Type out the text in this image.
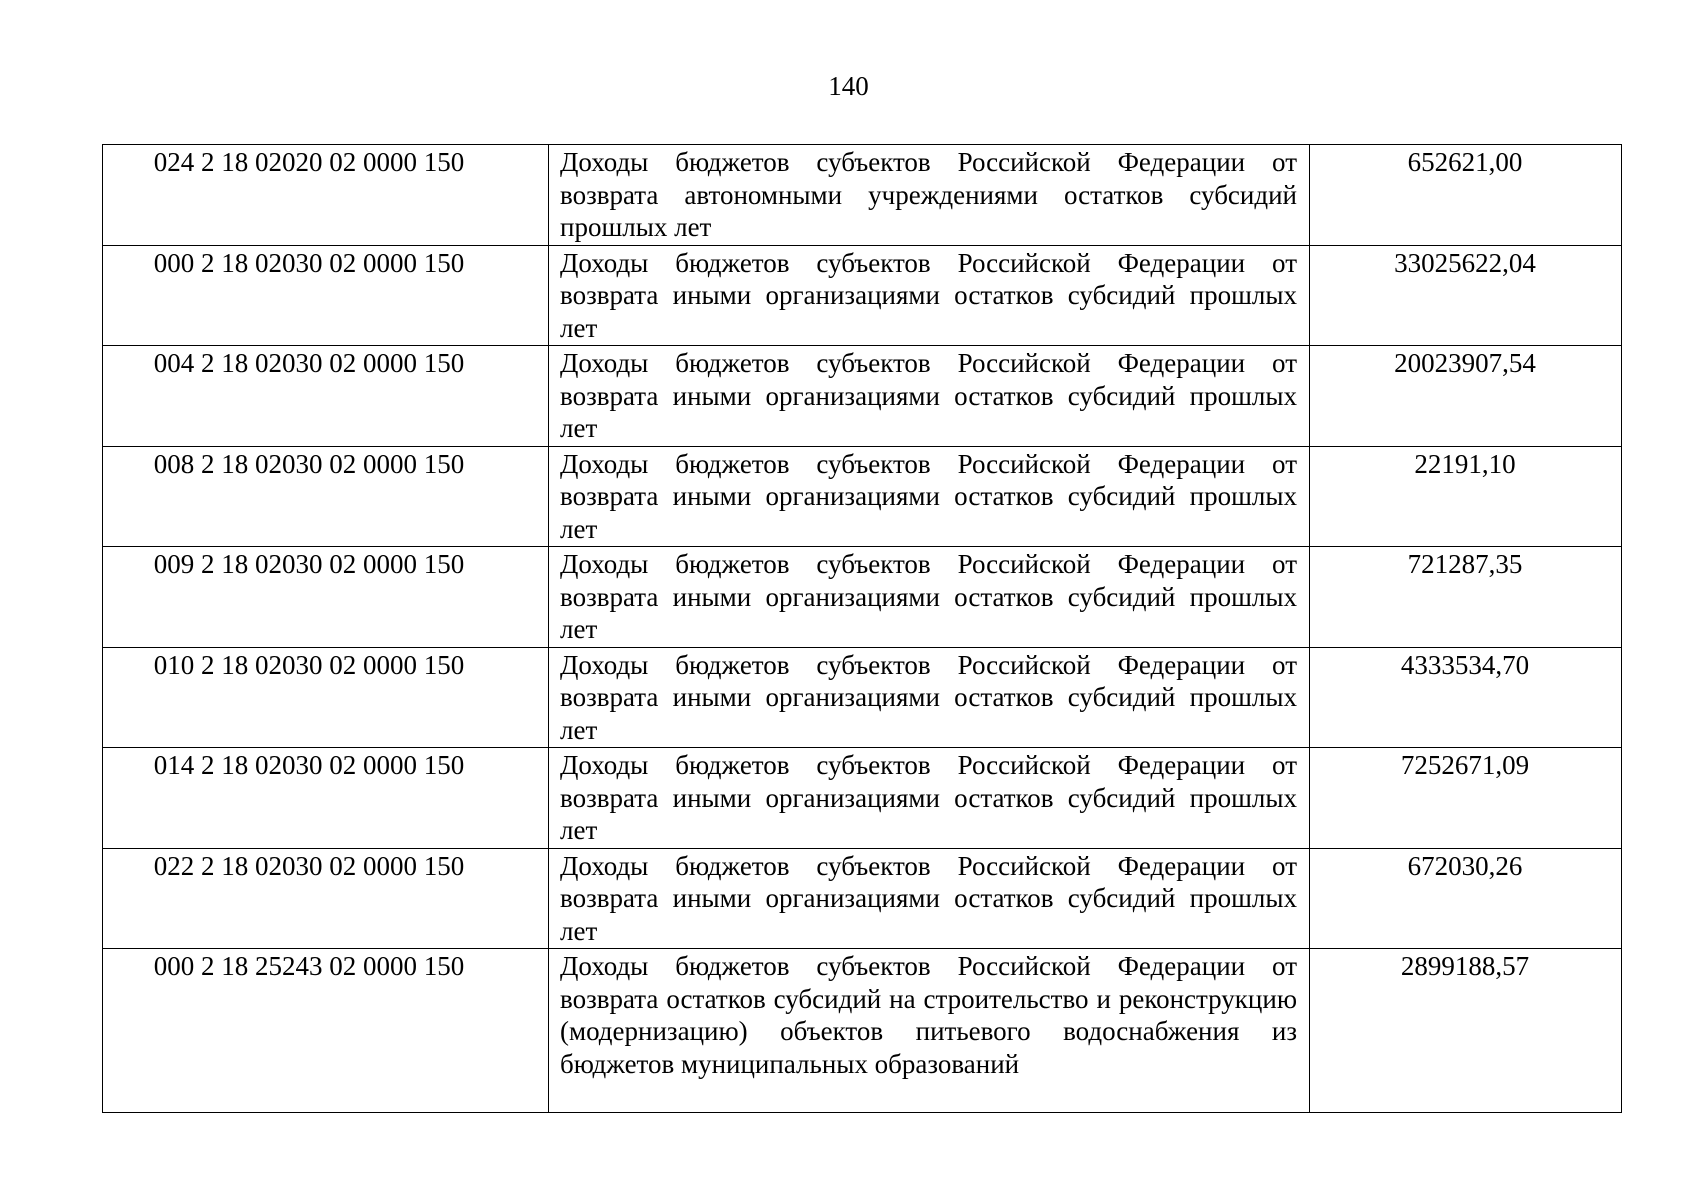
140
024 2 18 02020 02 0000 150	Доходы бюджетов субъектов Российской Федерации от возврата автономными учреждениями остатков субсидий прошлых лет	652621,00
000 2 18 02030 02 0000 150	Доходы бюджетов субъектов Российской Федерации от возврата иными организациями остатков субсидий прошлых лет	33025622,04
004 2 18 02030 02 0000 150	Доходы бюджетов субъектов Российской Федерации от возврата иными организациями остатков субсидий прошлых лет	20023907,54
008 2 18 02030 02 0000 150	Доходы бюджетов субъектов Российской Федерации от возврата иными организациями остатков субсидий прошлых лет	22191,10
009 2 18 02030 02 0000 150	Доходы бюджетов субъектов Российской Федерации от возврата иными организациями остатков субсидий прошлых лет	721287,35
010 2 18 02030 02 0000 150	Доходы бюджетов субъектов Российской Федерации от возврата иными организациями остатков субсидий прошлых лет	4333534,70
014 2 18 02030 02 0000 150	Доходы бюджетов субъектов Российской Федерации от возврата иными организациями остатков субсидий прошлых лет	7252671,09
022 2 18 02030 02 0000 150	Доходы бюджетов субъектов Российской Федерации от возврата иными организациями остатков субсидий прошлых лет	672030,26
000 2 18 25243 02 0000 150	Доходы бюджетов субъектов Российской Федерации от возврата остатков субсидий на строительство и реконструкцию (модернизацию) объектов питьевого водоснабжения из бюджетов муниципальных образований	2899188,57
